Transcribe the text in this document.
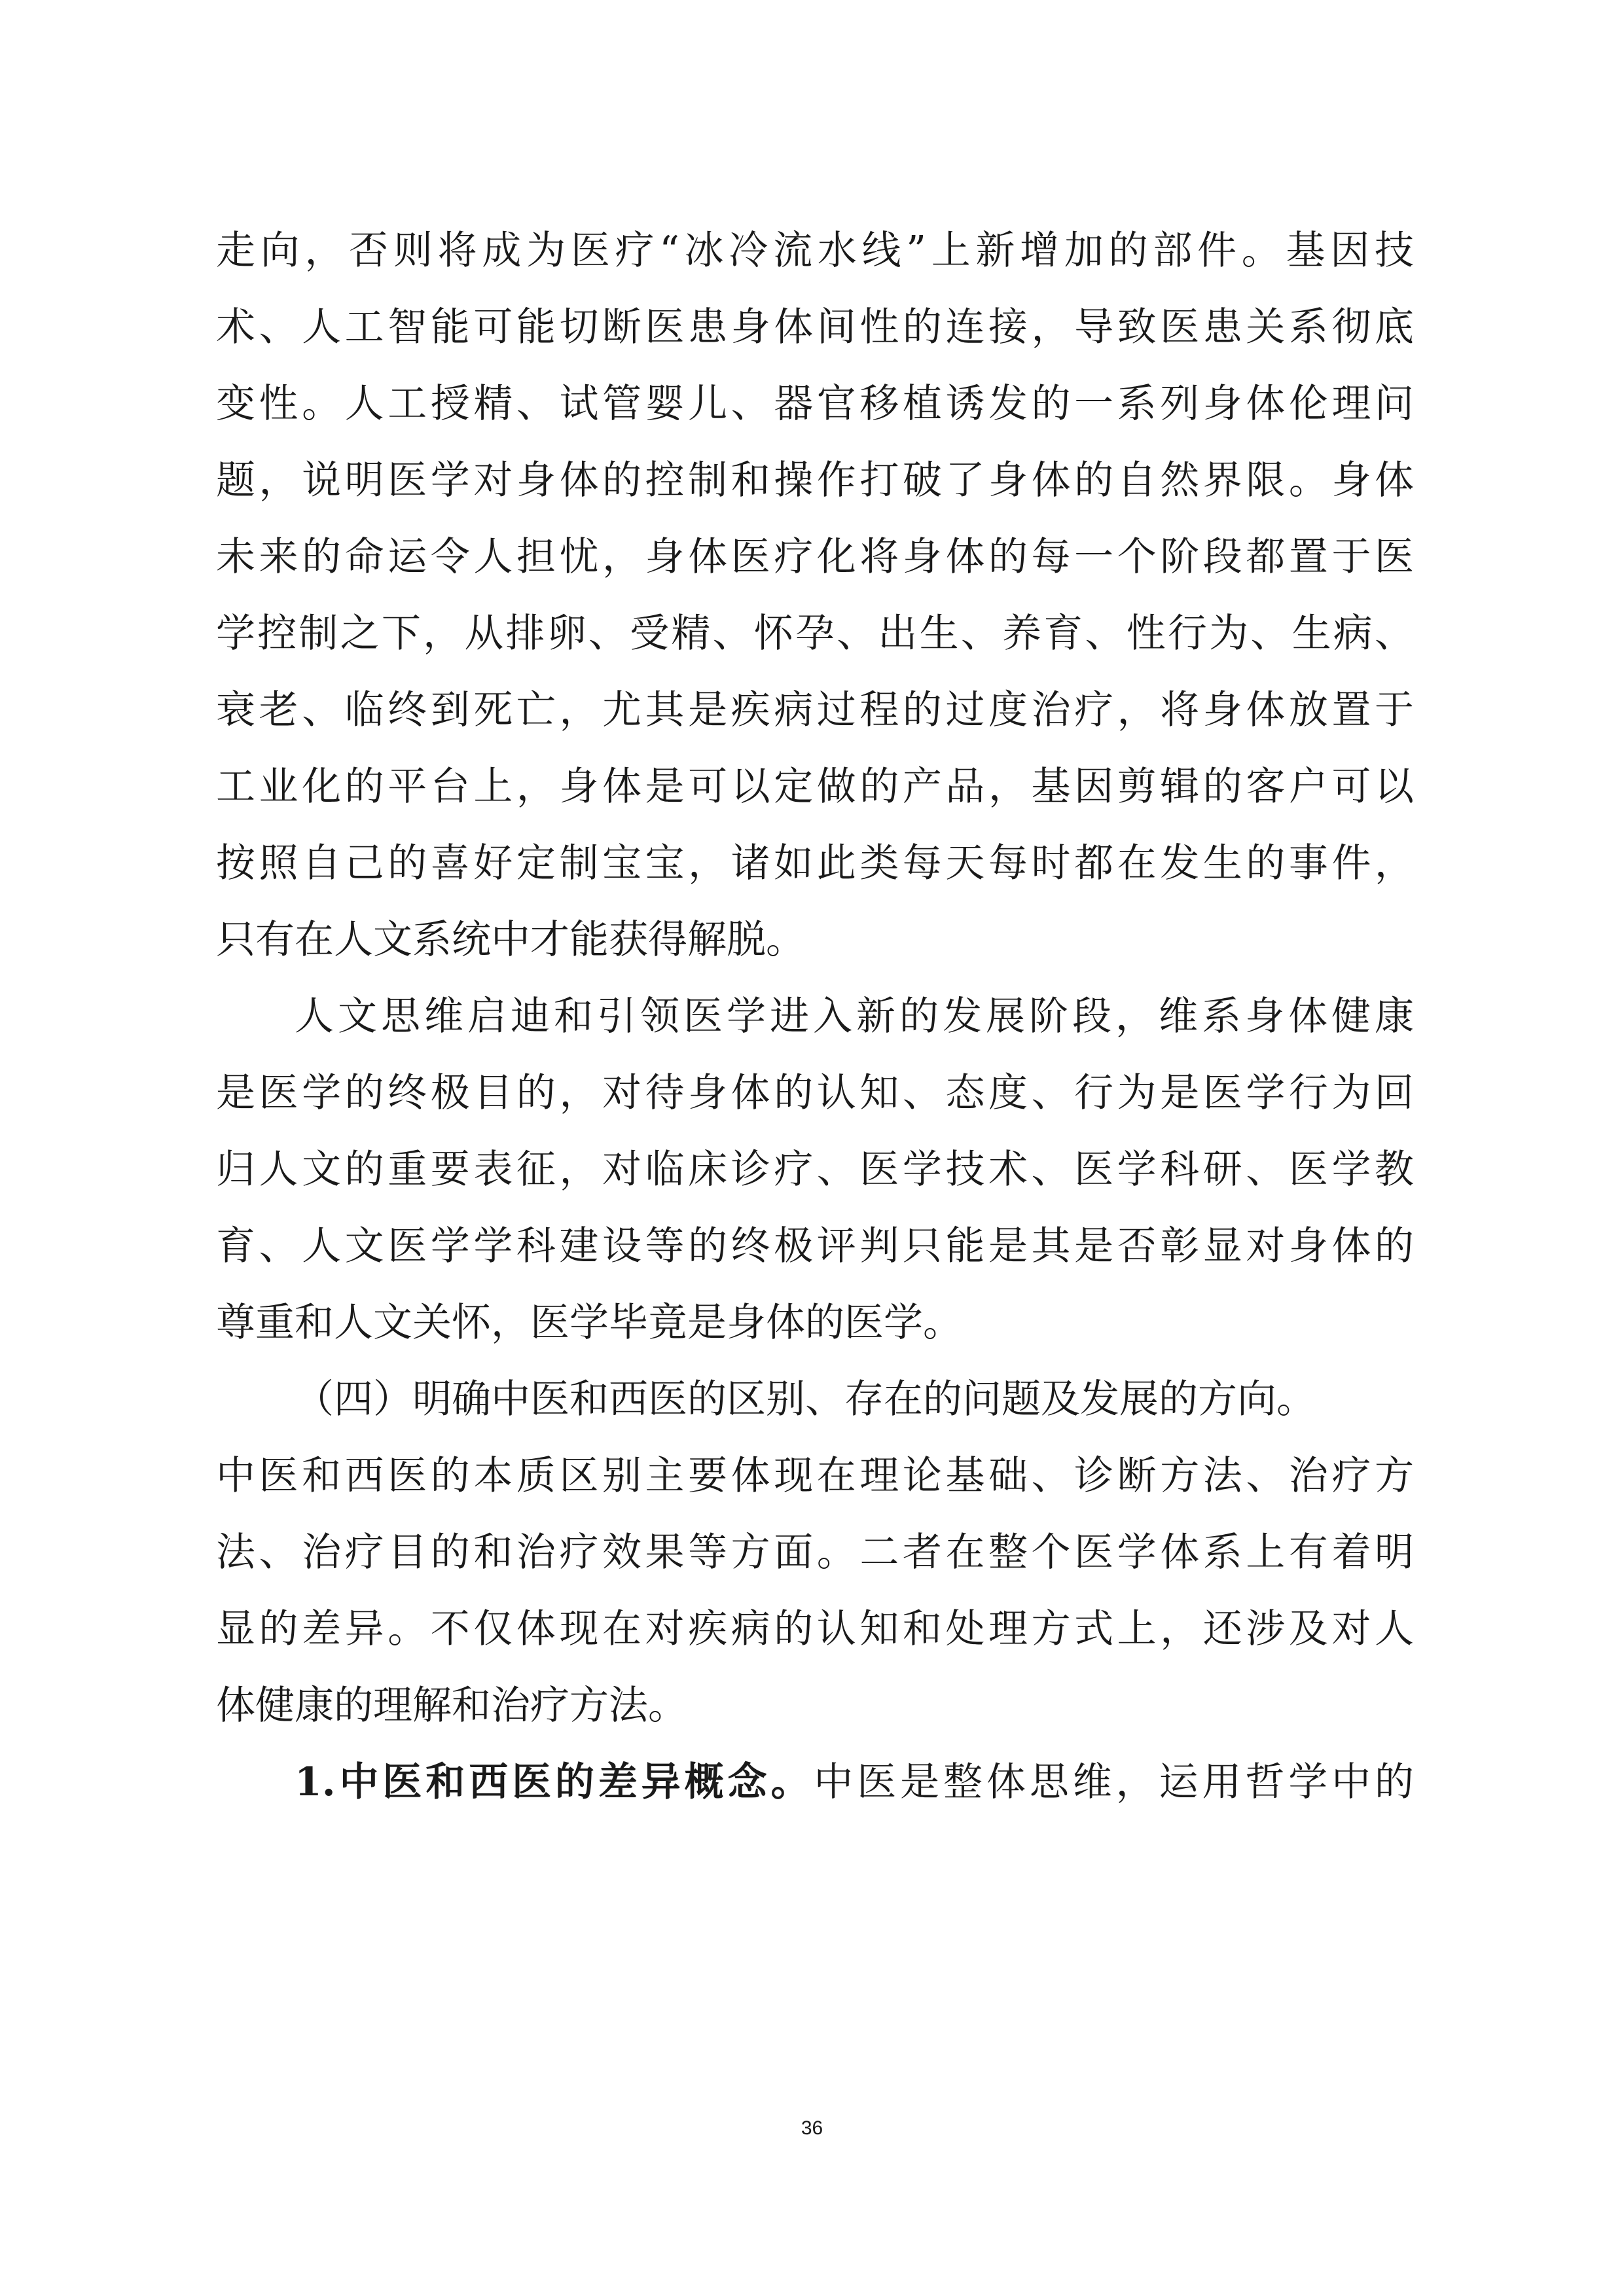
走向，否则将成为医疗“冰冷流水线”上新增加的部件。基因技
术、人工智能可能切断医患身体间性的连接，导致医患关系彻底
变性。人工授精、试管婴儿、器官移植诱发的一系列身体伦理问
题，说明医学对身体的控制和操作打破了身体的自然界限。身体
未来的命运令人担忧，身体医疗化将身体的每一个阶段都置于医
学控制之下，从排卵、受精、怀孕、出生、养育、性行为、生病、
衰老、临终到死亡，尤其是疾病过程的过度治疗，将身体放置于
工业化的平台上，身体是可以定做的产品，基因剪辑的客户可以
按照自己的喜好定制宝宝，诸如此类每天每时都在发生的事件，
只有在人文系统中才能获得解脱。
人文思维启迪和引领医学进入新的发展阶段，维系身体健康
是医学的终极目的，对待身体的认知、态度、行为是医学行为回
归人文的重要表征，对临床诊疗、医学技术、医学科研、医学教
育、人文医学学科建设等的终极评判只能是其是否彰显对身体的
尊重和人文关怀，医学毕竟是身体的医学。
（四）明确中医和西医的区别、存在的问题及发展的方向。
中医和西医的本质区别主要体现在理论基础、诊断方法、治疗方
法、治疗目的和治疗效果等方面。二者在整个医学体系上有着明
显的差异。不仅体现在对疾病的认知和处理方式上，还涉及对人
体健康的理解和治疗方法。
1.中医和西医的差异概念。中医是整体思维，运用哲学中的
36
